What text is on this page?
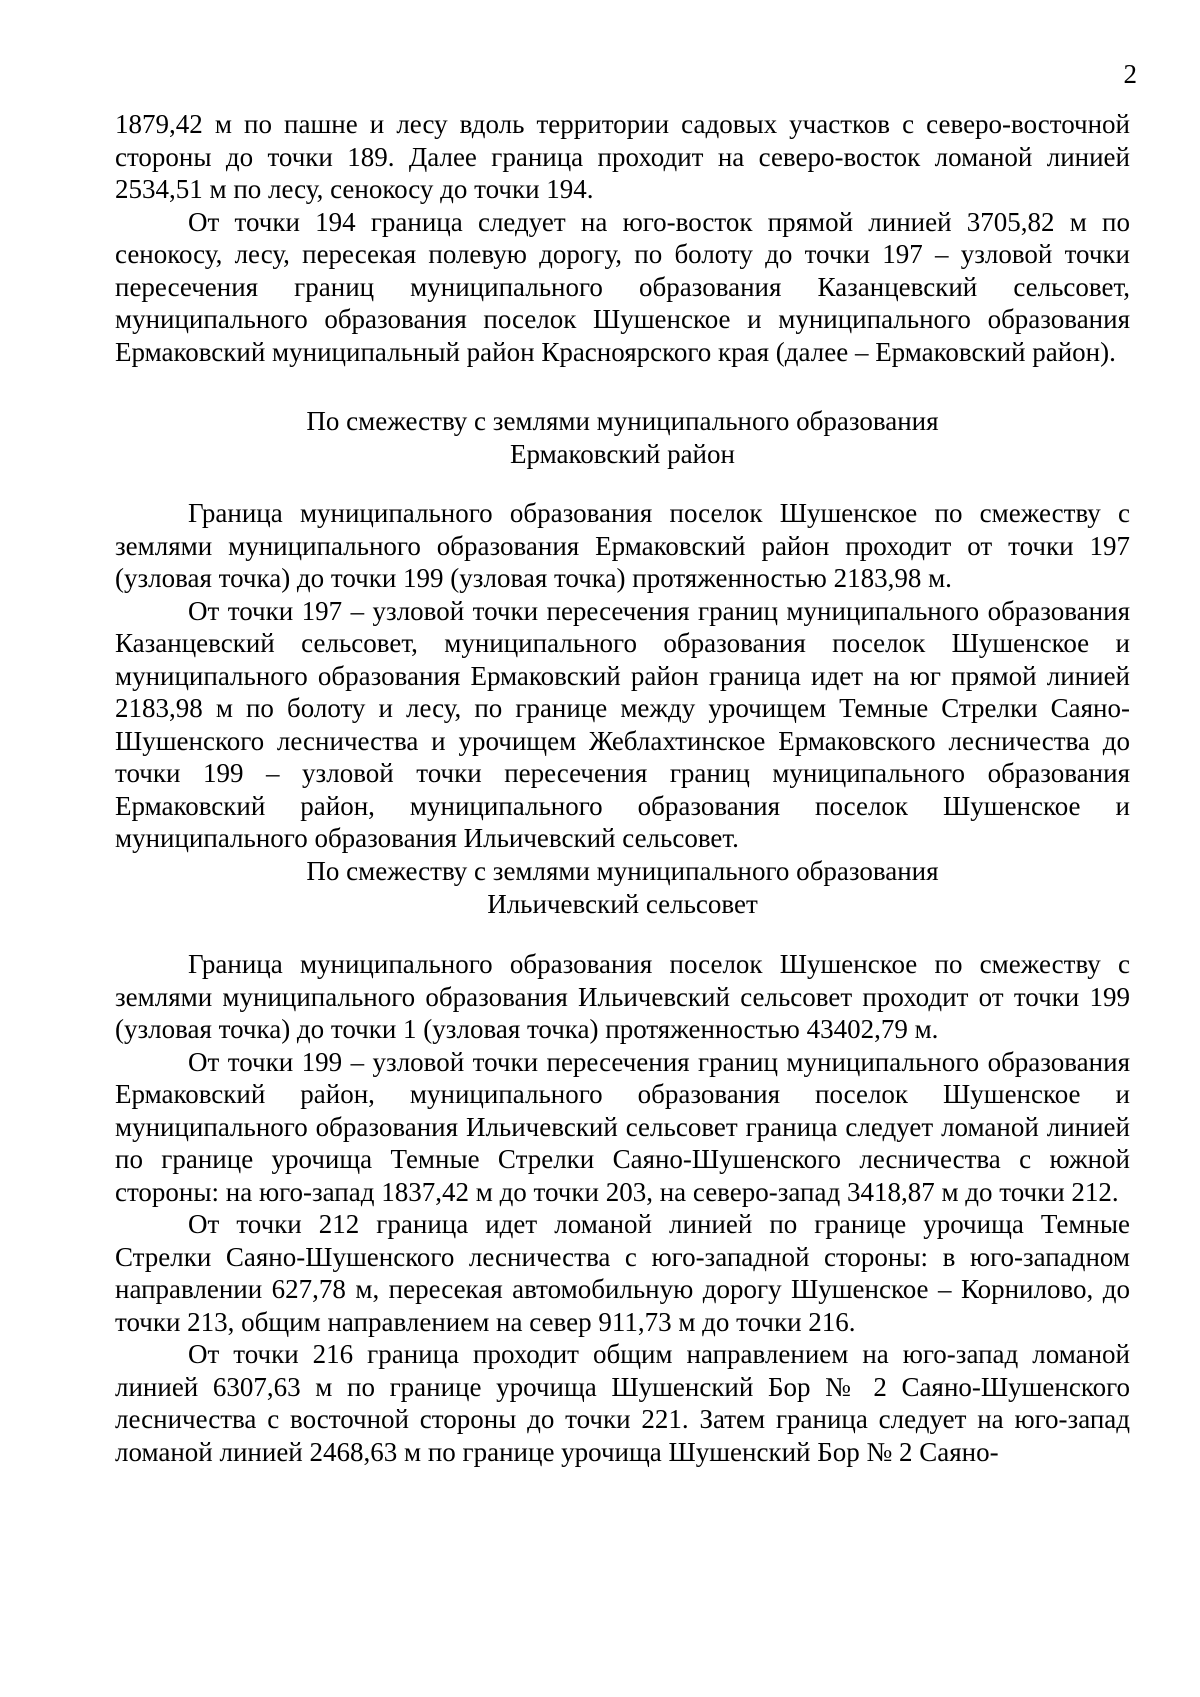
2

1879,42 м по пашне и лесу вдоль территории садовых участков с северо-восточной стороны до точки 189. Далее граница проходит на северо-восток ломаной линией 2534,51 м по лесу, сенокосу до точки 194.

От точки 194 граница следует на юго-восток прямой линией 3705,82 м по сенокосу, лесу, пересекая полевую дорогу, по болоту до точки 197 – узловой точки пересечения границ муниципального образования Казанцевский сельсовет, муниципального образования поселок Шушенское и муниципального образования Ермаковский муниципальный район Красноярского края (далее – Ермаковский район).

По смежеству с землями муниципального образования
Ермаковский район

Граница муниципального образования поселок Шушенское по смежеству с землями муниципального образования Ермаковский район проходит от точки 197 (узловая точка) до точки 199 (узловая точка) протяженностью 2183,98 м.

От точки 197 – узловой точки пересечения границ муниципального образования Казанцевский сельсовет, муниципального образования поселок Шушенское и муниципального образования Ермаковский район граница идет на юг прямой линией 2183,98 м по болоту и лесу, по границе между урочищем Темные Стрелки Саяно-Шушенского лесничества и урочищем Жеблахтинское Ермаковского лесничества до точки 199 – узловой точки пересечения границ муниципального образования Ермаковский район, муниципального образования поселок Шушенское и муниципального образования Ильичевский сельсовет.

По смежеству с землями муниципального образования
Ильичевский сельсовет

Граница муниципального образования поселок Шушенское по смежеству с землями муниципального образования Ильичевский сельсовет проходит от точки 199 (узловая точка) до точки 1 (узловая точка) протяженностью 43402,79 м.

От точки 199 – узловой точки пересечения границ муниципального образования Ермаковский район, муниципального образования поселок Шушенское и муниципального образования Ильичевский сельсовет граница следует ломаной линией по границе урочища Темные Стрелки Саяно-Шушенского лесничества с южной стороны: на юго-запад 1837,42 м до точки 203, на северо-запад 3418,87 м до точки 212.

От точки 212 граница идет ломаной линией по границе урочища Темные Стрелки Саяно-Шушенского лесничества с юго-западной стороны: в юго-западном направлении 627,78 м, пересекая автомобильную дорогу Шушенское – Корнилово, до точки 213, общим направлением на север 911,73 м до точки 216.

От точки 216 граница проходит общим направлением на юго-запад ломаной линией 6307,63 м по границе урочища Шушенский Бор № 2 Саяно-Шушенского лесничества с восточной стороны до точки 221. Затем граница следует на юго-запад ломаной линией 2468,63 м по границе урочища Шушенский Бор № 2 Саяно-
